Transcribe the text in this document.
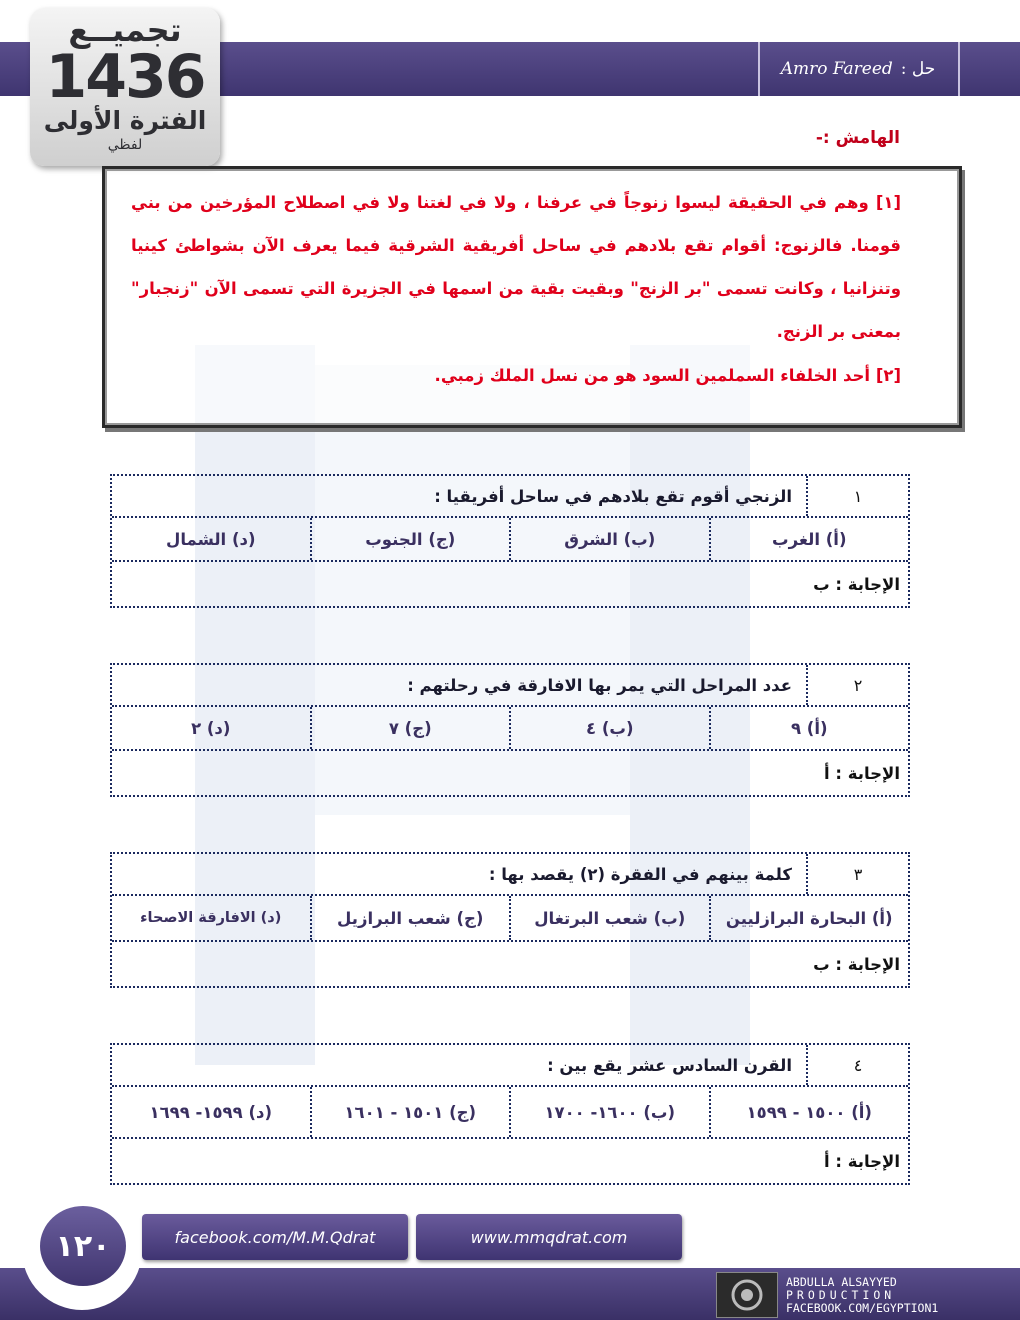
حل :
Amro Fareed
تجميــع
1436
الفترة الأولى
لفظي	الهامش :-

[١] وهم في الحقيقة ليسوا زنوجاً في عرفنا ، ولا في لغتنا ولا في اصطلاح المؤرخين من بني قومنا. فالزنوج: أقوام تقع بلادهم في ساحل أفريقية الشرقية فيما يعرف الآن بشواطئ كينيا وتنزانيا ، وكانت تسمى "بر الزنج" وبقيت بقية من اسمها في الجزيرة التي تسمى الآن "زنجبار" بمعنى بر الزنج.

[٢] أحد الخلفاء السملمين السود هو من نسل الملك زمبي.

١
الزنجي أقوم تقع بلادهم في ساحل أفريقيا :
(أ) الغرب
(ب) الشرق
(ج) الجنوب
(د) الشمال
الإجابة : ب
٢
عدد المراحل التي يمر بها الافارقة في رحلتهم :
(أ) ٩
(ب) ٤
(ج) ٧
(د) ٢
الإجابة : أ
٣
كلمة بينهم في الفقرة (٢) يقصد بها :
(أ) البحارة البرازليين
(ب) شعب البرتغال
(ج) شعب البرازيل
(د) الافارقة الاصحاء
الإجابة : ب
٤
القرن السادس عشر يقع بين :
(أ) ١٥٠٠ - ١٥٩٩
(ب) ١٦٠٠- ١٧٠٠
(ج) ١٥٠١ - ١٦٠١
(د) ١٥٩٩- ١٦٩٩
الإجابة : أ
١٢٠	facebook.com/M.M.Qdrat	www.mmqdrat.com
ABDULLA ALSAYYED
PRODUCTION
FACEBOOK.COM/EGYPTION1
